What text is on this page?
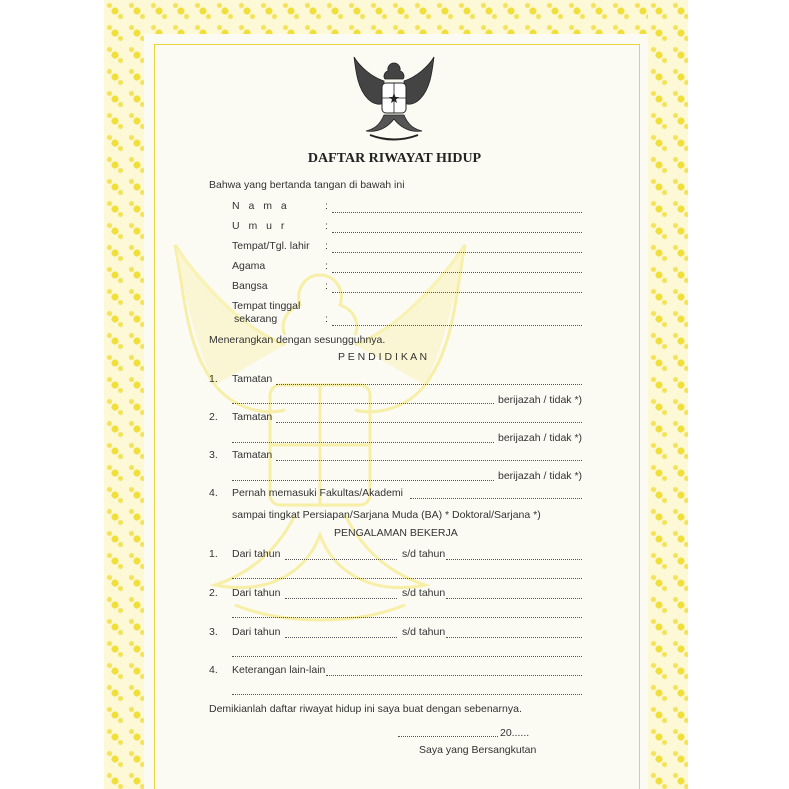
DAFTAR RIWAYAT HIDUP
Bahwa yang bertanda tangan di bawah ini
N a m a	:
U m u r	:
Tempat/Tgl. lahir :
Agama	:
Bangsa	:
Tempat tinggal
sekarang	:
Menerangkan dengan sesungguhnya.
P E N D I D I K A N
1. Tamatan
berijazah / tidak *)
2. Tamatan
berijazah / tidak *)
3. Tamatan
berijazah / tidak *)
4. Pernah memasuki Fakultas/Akademi
sampai tingkat Persiapan/Sarjana Muda (BA) * Doktoral/Sarjana *)
PENGALAMAN BEKERJA
1. Dari tahun	s/d tahun
2. Dari tahun	s/d tahun
3. Dari tahun	s/d tahun
4. Keterangan lain-lain
Demikianlah daftar riwayat hidup ini saya buat dengan sebenarnya.
20......
Saya yang Bersangkutan
